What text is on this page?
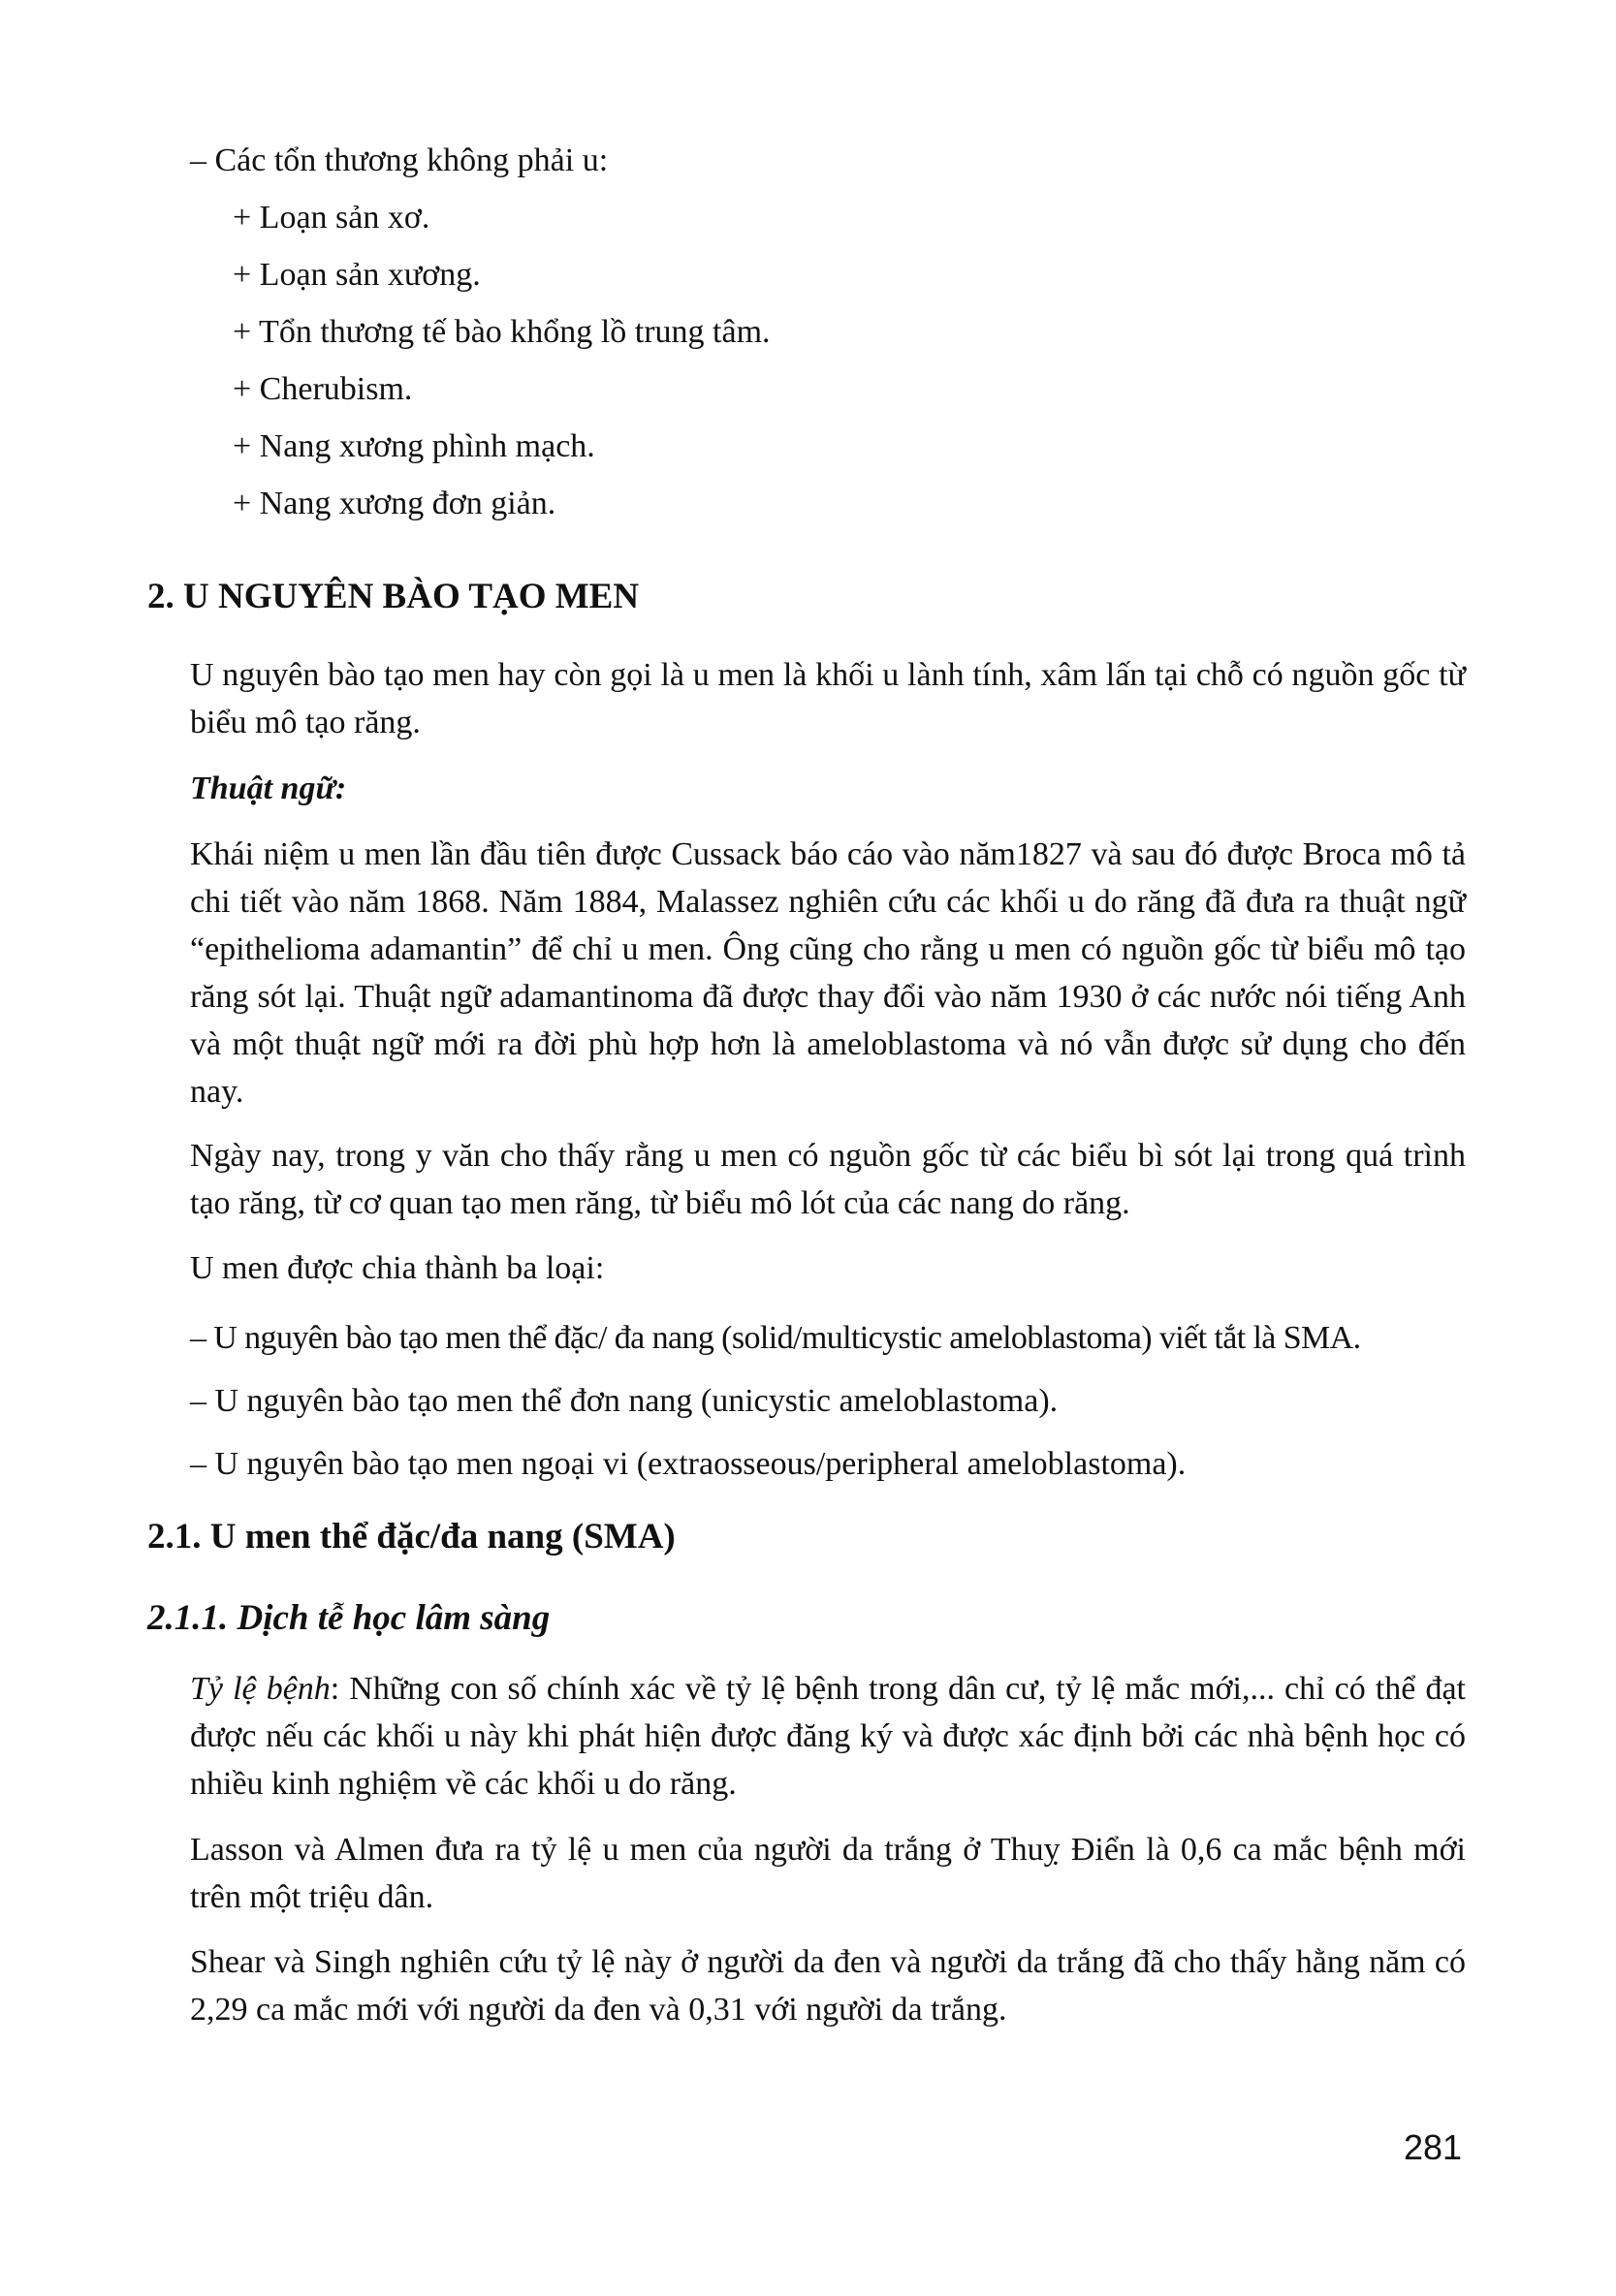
– Các tổn thương không phải u:
+ Loạn sản xơ.
+ Loạn sản xương.
+ Tổn thương tế bào khổng lồ trung tâm.
+ Cherubism.
+ Nang xương phình mạch.
+ Nang xương đơn giản.
2. U NGUYÊN BÀO TẠO MEN
U nguyên bào tạo men hay còn gọi là u men là khối u lành tính, xâm lấn tại chỗ có nguồn gốc từ biểu mô tạo răng.
Thuật ngữ:
Khái niệm u men lần đầu tiên được Cussack báo cáo vào năm1827 và sau đó được Broca mô tả chi tiết vào năm 1868. Năm 1884, Malassez nghiên cứu các khối u do răng đã đưa ra thuật ngữ “epithelioma adamantin” để chỉ u men. Ông cũng cho rằng u men có nguồn gốc từ biểu mô tạo răng sót lại. Thuật ngữ adamantinoma đã được thay đổi vào năm 1930 ở các nước nói tiếng Anh và một thuật ngữ mới ra đời phù hợp hơn là ameloblastoma và nó vẫn được sử dụng cho đến nay.
Ngày nay, trong y văn cho thấy rằng u men có nguồn gốc từ các biểu bì sót lại trong quá trình tạo răng, từ cơ quan tạo men răng, từ biểu mô lót của các nang do răng.
U men được chia thành ba loại:
– U nguyên bào tạo men thể đặc/ đa nang (solid/multicystic ameloblastoma) viết tắt là SMA.
– U nguyên bào tạo men thể đơn nang (unicystic ameloblastoma).
– U nguyên bào tạo men ngoại vi (extraosseous/peripheral ameloblastoma).
2.1. U men thể đặc/đa nang (SMA)
2.1.1. Dịch tễ học lâm sàng
Tỷ lệ bệnh: Những con số chính xác về tỷ lệ bệnh trong dân cư, tỷ lệ mắc mới,... chỉ có thể đạt được nếu các khối u này khi phát hiện được đăng ký và được xác định bởi các nhà bệnh học có nhiều kinh nghiệm về các khối u do răng.
Lasson và Almen đưa ra tỷ lệ u men của người da trắng ở Thuỵ Điển là 0,6 ca mắc bệnh mới trên một triệu dân.
Shear và Singh nghiên cứu tỷ lệ này ở người da đen và người da trắng đã cho thấy hằng năm có 2,29 ca mắc mới với người da đen và 0,31 với người da trắng.
281
